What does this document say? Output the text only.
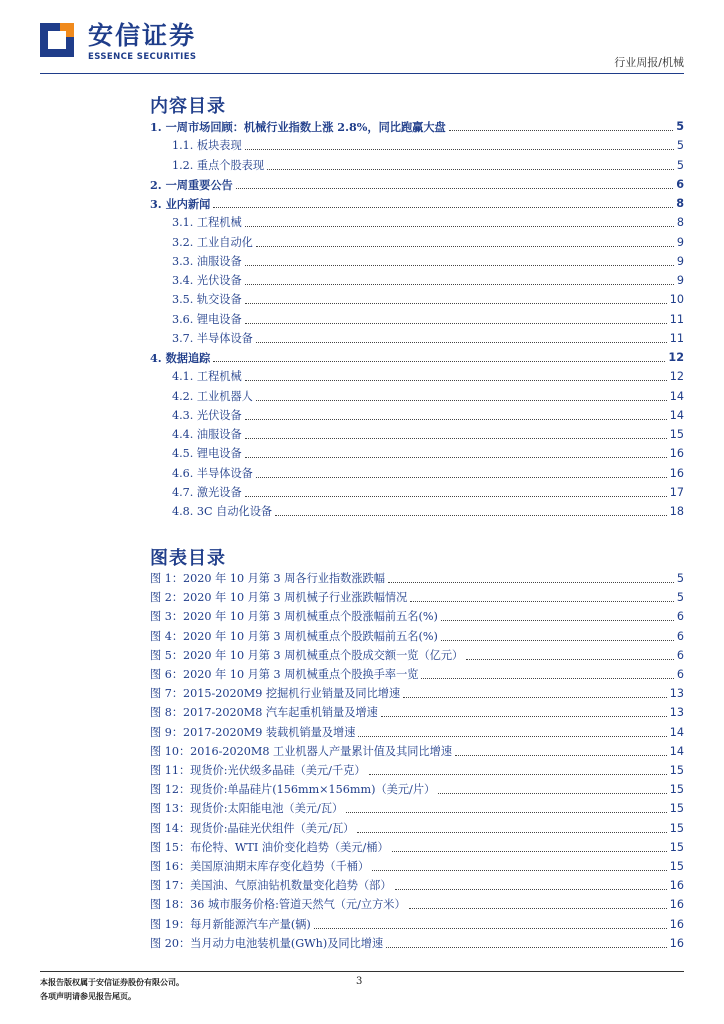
安信证券
ESSENCE SECURITIES	行业周报/机械
内容目录
1. 一周市场回顾：机械行业指数上涨 2.8%，同比跑赢大盘	5
1.1. 板块表现	5
1.2. 重点个股表现	5
2. 一周重要公告	6
3. 业内新闻	8
3.1. 工程机械	8
3.2. 工业自动化	9
3.3. 油服设备	9
3.4. 光伏设备	9
3.5. 轨交设备	10
3.6. 锂电设备	11
3.7. 半导体设备	11
4. 数据追踪	12
4.1. 工程机械	12
4.2. 工业机器人	14
4.3. 光伏设备	14
4.4. 油服设备	15
4.5. 锂电设备	16
4.6. 半导体设备	16
4.7. 激光设备	17
4.8. 3C 自动化设备	18
图表目录
图 1：2020 年 10 月第 3 周各行业指数涨跌幅	5
图 2：2020 年 10 月第 3 周机械子行业涨跌幅情况	5
图 3：2020 年 10 月第 3 周机械重点个股涨幅前五名(%)	6
图 4：2020 年 10 月第 3 周机械重点个股跌幅前五名(%)	6
图 5：2020 年 10 月第 3 周机械重点个股成交额一览（亿元）	6
图 6：2020 年 10 月第 3 周机械重点个股换手率一览	6
图 7：2015-2020M9 挖掘机行业销量及同比增速	13
图 8：2017-2020M8 汽车起重机销量及增速	13
图 9：2017-2020M9 装载机销量及增速	14
图 10：2016-2020M8 工业机器人产量累计值及其同比增速	14
图 11：现货价:光伏级多晶硅（美元/千克）	15
图 12：现货价:单晶硅片(156mm×156mm)（美元/片）	15
图 13：现货价:太阳能电池（美元/瓦）	15
图 14：现货价:晶硅光伏组件（美元/瓦）	15
图 15：布伦特、WTI 油价变化趋势（美元/桶）	15
图 16：美国原油期末库存变化趋势（千桶）	15
图 17：美国油、气原油钻机数量变化趋势（部）	16
图 18：36 城市服务价格:管道天然气（元/立方米）	16
图 19：每月新能源汽车产量(辆)	16
图 20：当月动力电池装机量(GWh)及同比增速	16
本报告版权属于安信证券股份有限公司。
各项声明请参见报告尾页。
3
